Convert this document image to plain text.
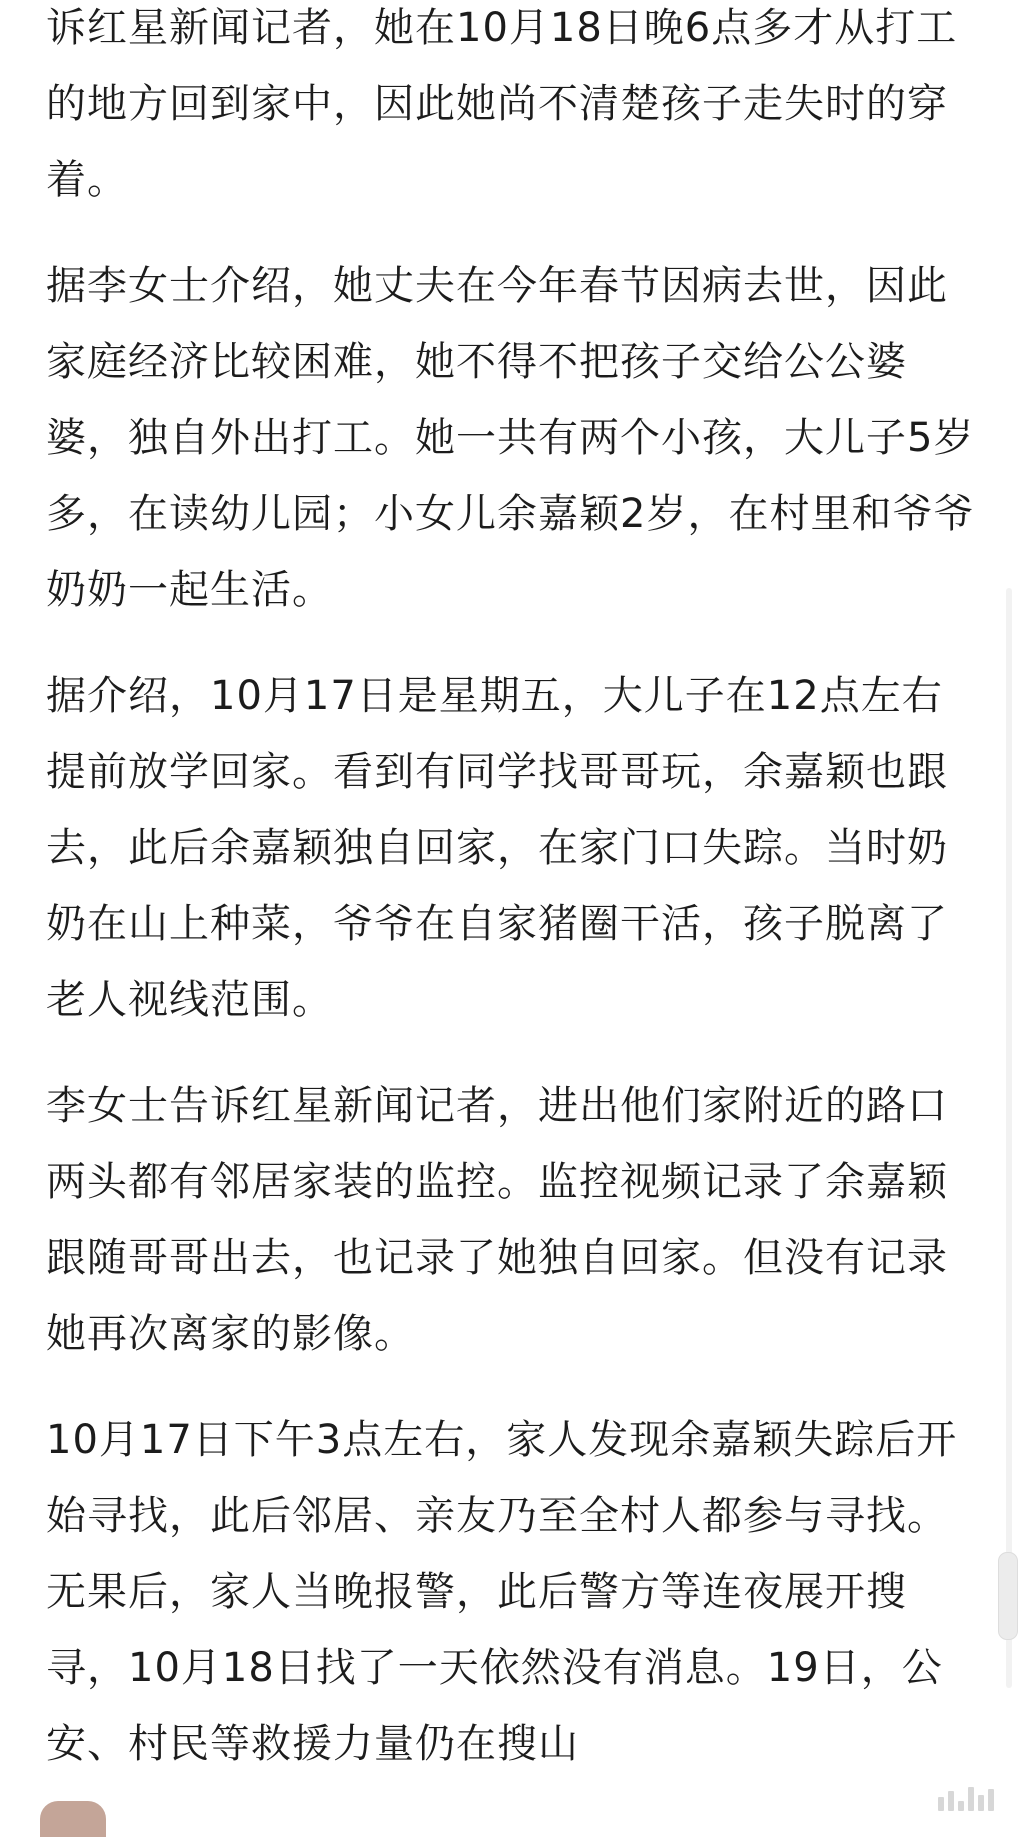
诉红星新闻记者，她在10月18日晚6点多才从打工的地方回到家中，因此她尚不清楚孩子走失时的穿着。

据李女士介绍，她丈夫在今年春节因病去世，因此家庭经济比较困难，她不得不把孩子交给公公婆婆，独自外出打工。她一共有两个小孩，大儿子5岁多，在读幼儿园；小女儿余嘉颖2岁，在村里和爷爷奶奶一起生活。

据介绍，10月17日是星期五，大儿子在12点左右提前放学回家。看到有同学找哥哥玩，余嘉颖也跟去，此后余嘉颖独自回家，在家门口失踪。当时奶奶在山上种菜，爷爷在自家猪圈干活，孩子脱离了老人视线范围。

李女士告诉红星新闻记者，进出他们家附近的路口两头都有邻居家装的监控。监控视频记录了余嘉颖跟随哥哥出去，也记录了她独自回家。但没有记录她再次离家的影像。

10月17日下午3点左右，家人发现余嘉颖失踪后开始寻找，此后邻居、亲友乃至全村人都参与寻找。无果后，家人当晚报警，此后警方等连夜展开搜寻，10月18日找了一天依然没有消息。19日，公安、村民等救援力量仍在搜山
